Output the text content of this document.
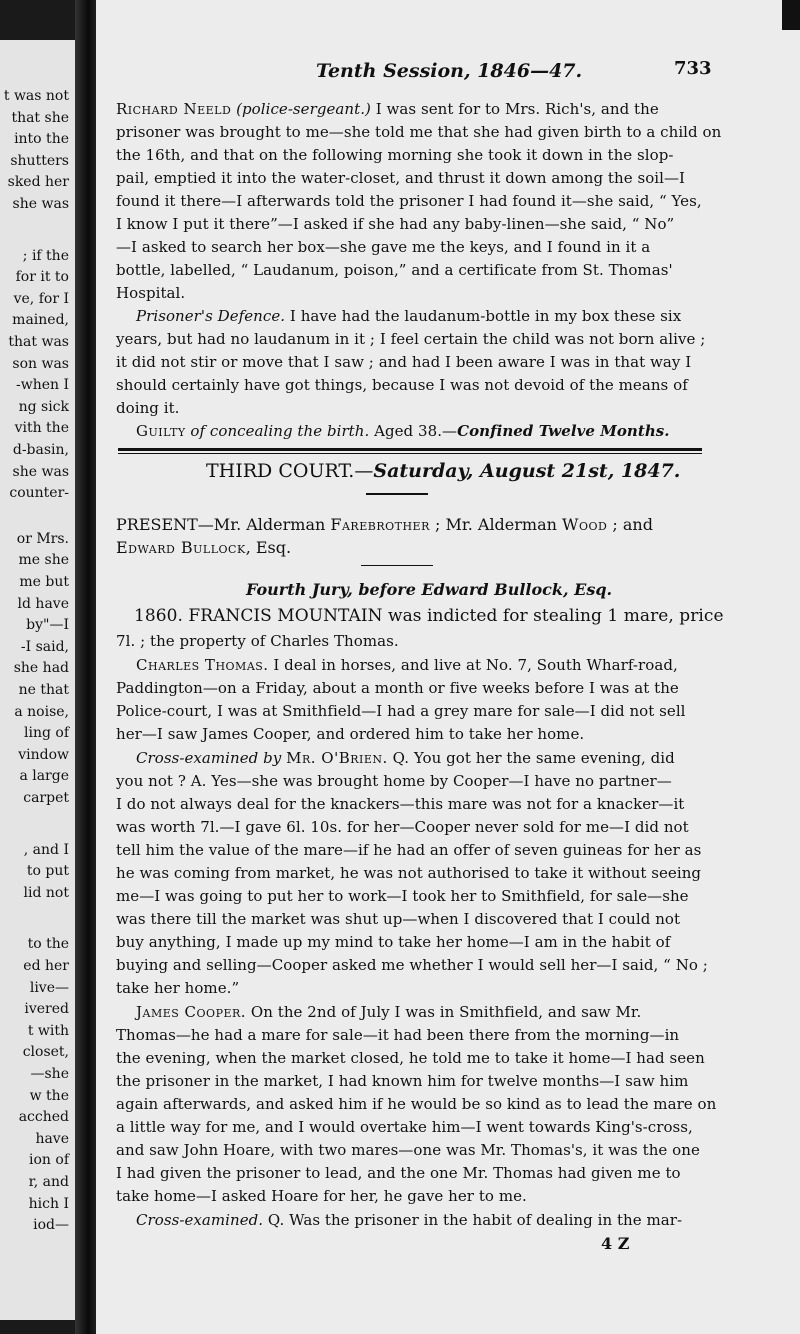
t was not
that she
into the
shutters
sked her
she was
; if the
for it to
ve, for I
mained,
that was
son was
-when I
ng sick
vith the
d-basin,
she was
counter-
or Mrs.
me she
me but
ld have
by"—I
-I said,
she had
ne that
a noise,
ling of
vindow
a large
carpet
, and I
to put
lid not
to the
ed her
live—
ivered
t with
closet,
—she
w the
acched
have
ion of
r, and
hich I
iod—
Tenth Session, 1846—47.	733
Richard Neeld (police-sergeant.) I was sent for to Mrs. Rich's, and the
prisoner was brought to me—she told me that she had given birth to a child on
the 16th, and that on the following morning she took it down in the slop-
pail, emptied it into the water-closet, and thrust it down among the soil—I
found it there—I afterwards told the prisoner I had found it—she said, “ Yes,
I know I put it there”—I asked if she had any baby-linen—she said, “ No”
—I asked to search her box—she gave me the keys, and I found in it a
bottle, labelled, “ Laudanum, poison,” and a certificate from St. Thomas'
Hospital.
Prisoner's Defence. I have had the laudanum-bottle in my box these six
years, but had no laudanum in it ; I feel certain the child was not born alive ;
it did not stir or move that I saw ; and had I been aware I was in that way I
should certainly have got things, because I was not devoid of the means of
doing it.
Guilty of concealing the birth. Aged 38.—Confined Twelve Months.
THIRD COURT.—Saturday, August 21st, 1847.
PRESENT—Mr. Alderman Farebrother ; Mr. Alderman Wood ; and
Edward Bullock, Esq.
Fourth Jury, before Edward Bullock, Esq.
1860. FRANCIS MOUNTAIN was indicted for stealing 1 mare, price
7l. ; the property of Charles Thomas.
Charles Thomas. I deal in horses, and live at No. 7, South Wharf-road,
Paddington—on a Friday, about a month or five weeks before I was at the
Police-court, I was at Smithfield—I had a grey mare for sale—I did not sell
her—I saw James Cooper, and ordered him to take her home.
Cross-examined by Mr. O'Brien. Q. You got her the same evening, did
you not ? A. Yes—she was brought home by Cooper—I have no partner—
I do not always deal for the knackers—this mare was not for a knacker—it
was worth 7l.—I gave 6l. 10s. for her—Cooper never sold for me—I did not
tell him the value of the mare—if he had an offer of seven guineas for her as
he was coming from market, he was not authorised to take it without seeing
me—I was going to put her to work—I took her to Smithfield, for sale—she
was there till the market was shut up—when I discovered that I could not
buy anything, I made up my mind to take her home—I am in the habit of
buying and selling—Cooper asked me whether I would sell her—I said, “ No ;
take her home.”
James Cooper. On the 2nd of July I was in Smithfield, and saw Mr.
Thomas—he had a mare for sale—it had been there from the morning—in
the evening, when the market closed, he told me to take it home—I had seen
the prisoner in the market, I had known him for twelve months—I saw him
again afterwards, and asked him if he would be so kind as to lead the mare on
a little way for me, and I would overtake him—I went towards King's-cross,
and saw John Hoare, with two mares—one was Mr. Thomas's, it was the one
I had given the prisoner to lead, and the one Mr. Thomas had given me to
take home—I asked Hoare for her, he gave her to me.
Cross-examined. Q. Was the prisoner in the habit of dealing in the mar-
4 Z
